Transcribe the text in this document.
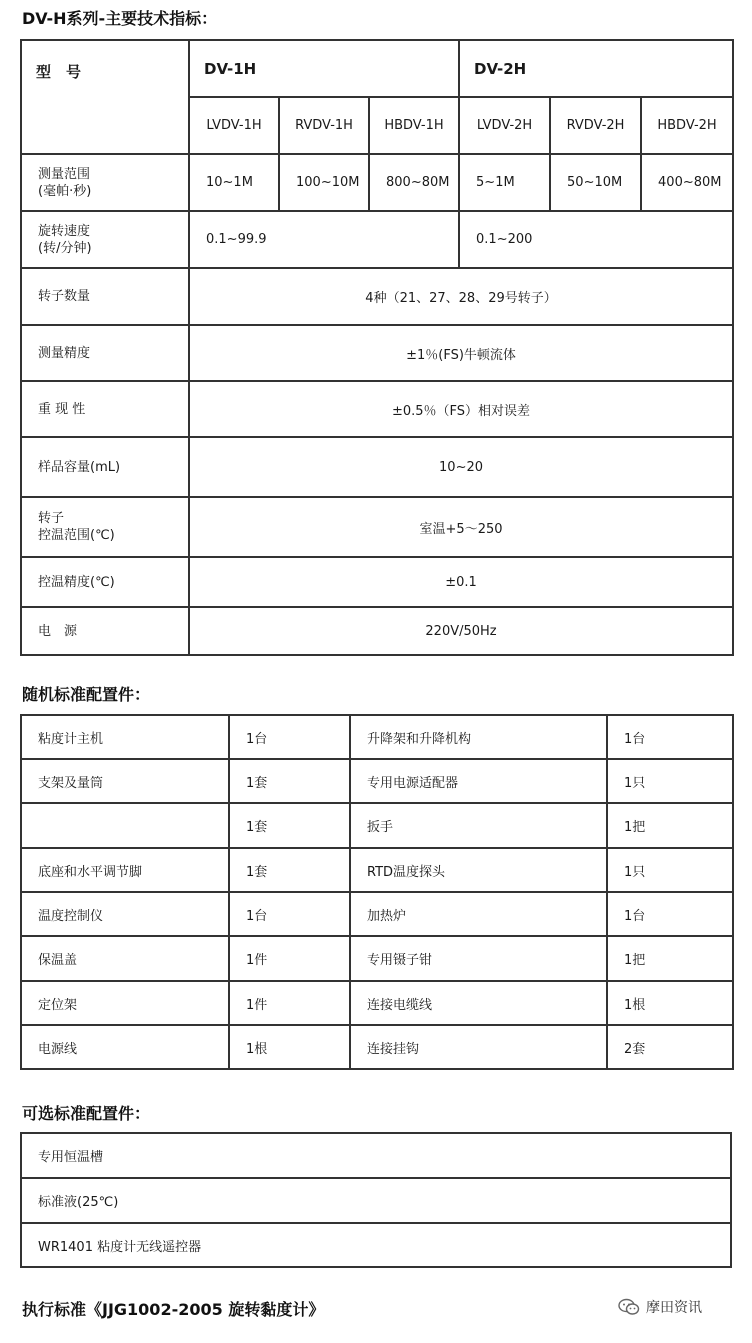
DV-H系列-主要技术指标：
型　号	DV-1H			DV-2H		
	LVDV-1H	RVDV-1H	HBDV-1H	LVDV-2H	RVDV-2H	HBDV-2H

测量范围
(毫帕·秒)	10~1M	100~10M	800~80M	5~1M	50~10M	400~80M

旋转速度
(转/分钟)	0.1~99.9			0.1~200		
转子数量	4种（21、27、28、29号转子）					
测量精度	±1％(FS)牛顿流体					
重 现 性	±0.5％（FS）相对误差					
样品容量(mL)	10~20					

转子
控温范围(℃)	室温+5～250					
控温精度(℃)	±0.1					
电　源	220V/50Hz					
随机标准配置件：
粘度计主机	1台	升降架和升降机构	1台
支架及量筒	1套	专用电源适配器	1只
	1套	扳手	1把
底座和水平调节脚	1套	RTD温度探头	1只
温度控制仪	1台	加热炉	1台
保温盖	1件	专用镊子钳	1把
定位架	1件	连接电缆线	1根
电源线	1根	连接挂钩	2套
可选标准配置件：
专用恒温槽
标准液(25℃)
WR1401 粘度计无线遥控器
执行标准《JJG1002-2005 旋转黏度计》	摩田资讯
